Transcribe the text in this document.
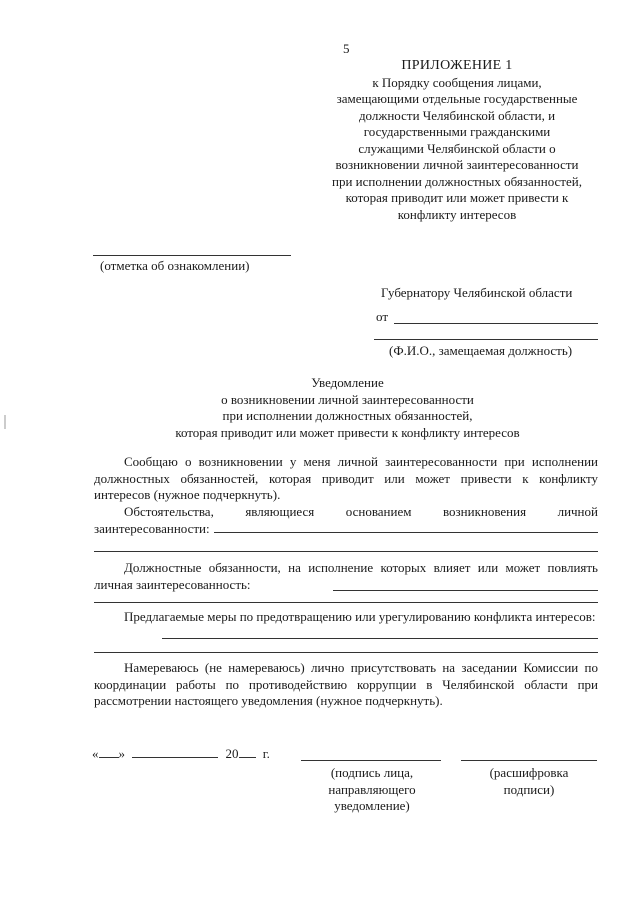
5
ПРИЛОЖЕНИЕ 1
к Порядку сообщения лицами,
замещающими отдельные государственные
должности Челябинской области, и
государственными гражданскими
служащими Челябинской области о
возникновении личной заинтересованности
при исполнении должностных обязанностей,
которая приводит или может привести к
конфликту интересов
(отметка об ознакомлении)
Губернатору Челябинской области
от
(Ф.И.О., замещаемая должность)
Уведомление
о возникновении личной заинтересованности
при исполнении должностных обязанностей,
которая приводит или может привести к конфликту интересов
Сообщаю о возникновении у меня личной заинтересованности при исполнении должностных обязанностей, которая приводит или может привести к конфликту интересов (нужное подчеркнуть).
Обстоятельства, являющиеся основанием возникновения личной
заинтересованности:
Должностные обязанности, на исполнение которых влияет или может повлиять личная заинтересованность:
Предлагаемые меры по предотвращению или урегулированию конфликта интересов:
Намереваюсь (не намереваюсь) лично присутствовать на заседании Комиссии по координации работы по противодействию коррупции в Челябинской области при рассмотрении настоящего уведомления (нужное подчеркнуть).
« »	20 г.
(подпись лица,
направляющего
уведомление)
(расшифровка
подписи)
